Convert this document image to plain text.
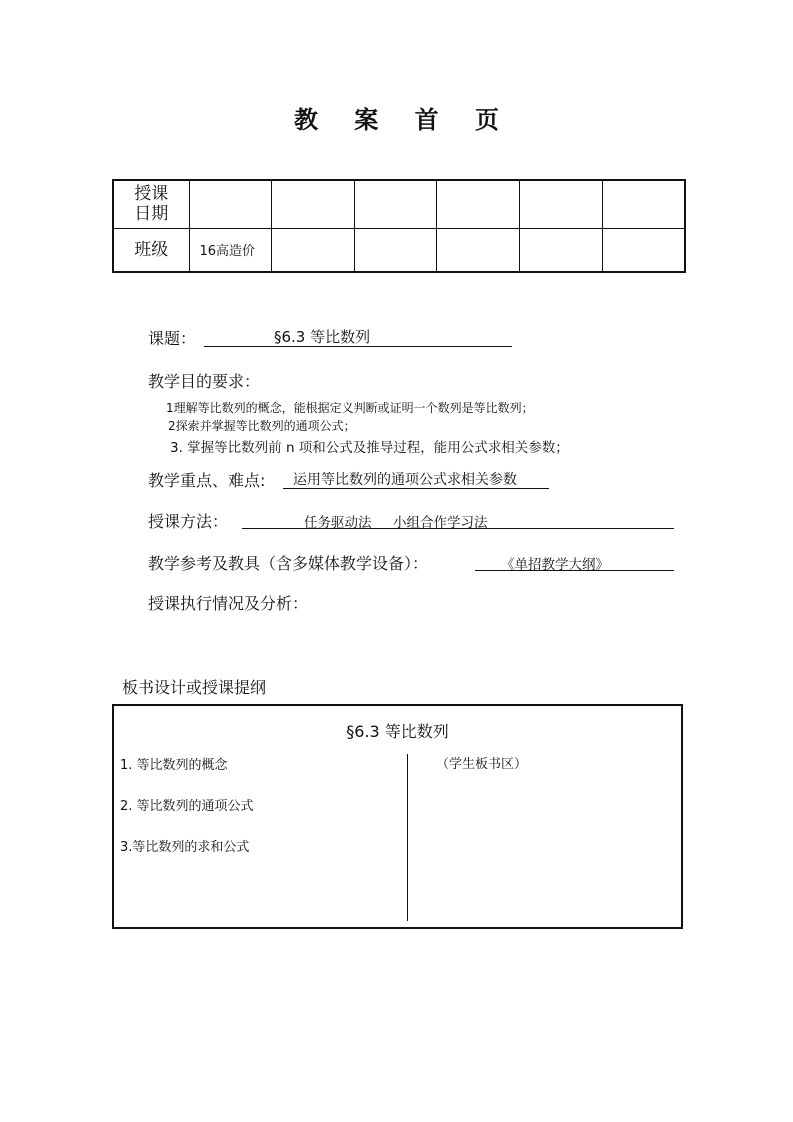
教 案 首 页
授课日期						

班级	16高造价					
课题：	§6.3 等比数列
教学目的要求：
1理解等比数列的概念，能根据定义判断或证明一个数列是等比数列；
2探索并掌握等比数列的通项公式；
3. 掌握等比数列前 n 项和公式及推导过程，能用公式求相关参数；
教学重点、难点: 运用等比数列的通项公式求相关参数
授课方法：	任务驱动法     小组合作学习法
教学参考及教具（含多媒体教学设备）：	《单招教学大纲》
授课执行情况及分析：
板书设计或授课提纲
§6.3 等比数列
1. 等比数列的概念
2. 等比数列的通项公式
3.等比数列的求和公式
（学生板书区）
